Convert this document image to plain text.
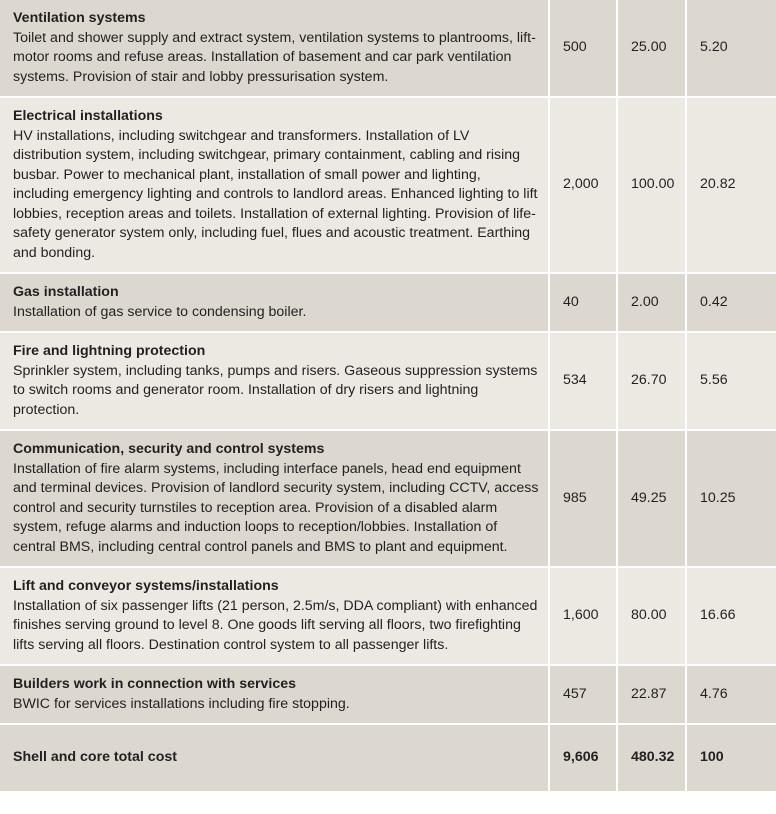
Ventilation systems
Toilet and shower supply and extract system, ventilation systems to plantrooms, lift-motor rooms and refuse areas. Installation of basement and car park ventilation systems. Provision of stair and lobby pressurisation system.	500	25.00	5.20

Electrical installations
HV installations, including switchgear and transformers. Installation of LV distribution system, including switchgear, primary containment, cabling and rising busbar. Power to mechanical plant, installation of small power and lighting, including emergency lighting and controls to landlord areas. Enhanced lighting to lift lobbies, reception areas and toilets. Installation of external lighting. Provision of life-safety generator system only, including fuel, flues and acoustic treatment. Earthing and bonding.	2,000	100.00	20.82

Gas installation
Installation of gas service to condensing boiler.	40	2.00	0.42

Fire and lightning protection
Sprinkler system, including tanks, pumps and risers. Gaseous suppression systems to switch rooms and generator room. Installation of dry risers and lightning protection.	534	26.70	5.56

Communication, security and control systems
Installation of fire alarm systems, including interface panels, head end equipment and terminal devices. Provision of landlord security system, including CCTV, access control and security turnstiles to reception area. Provision of a disabled alarm system, refuge alarms and induction loops to reception/lobbies. Installation of central BMS, including central control panels and BMS to plant and equipment.	985	49.25	10.25

Lift and conveyor systems/installations
Installation of six passenger lifts (21 person, 2.5m/s, DDA compliant) with enhanced finishes serving ground to level 8. One goods lift serving all floors, two firefighting lifts serving all floors. Destination control system to all passenger lifts.	1,600	80.00	16.66

Builders work in connection with services
BWIC for services installations including fire stopping.	457	22.87	4.76
Shell and core total cost	9,606	480.32	100
